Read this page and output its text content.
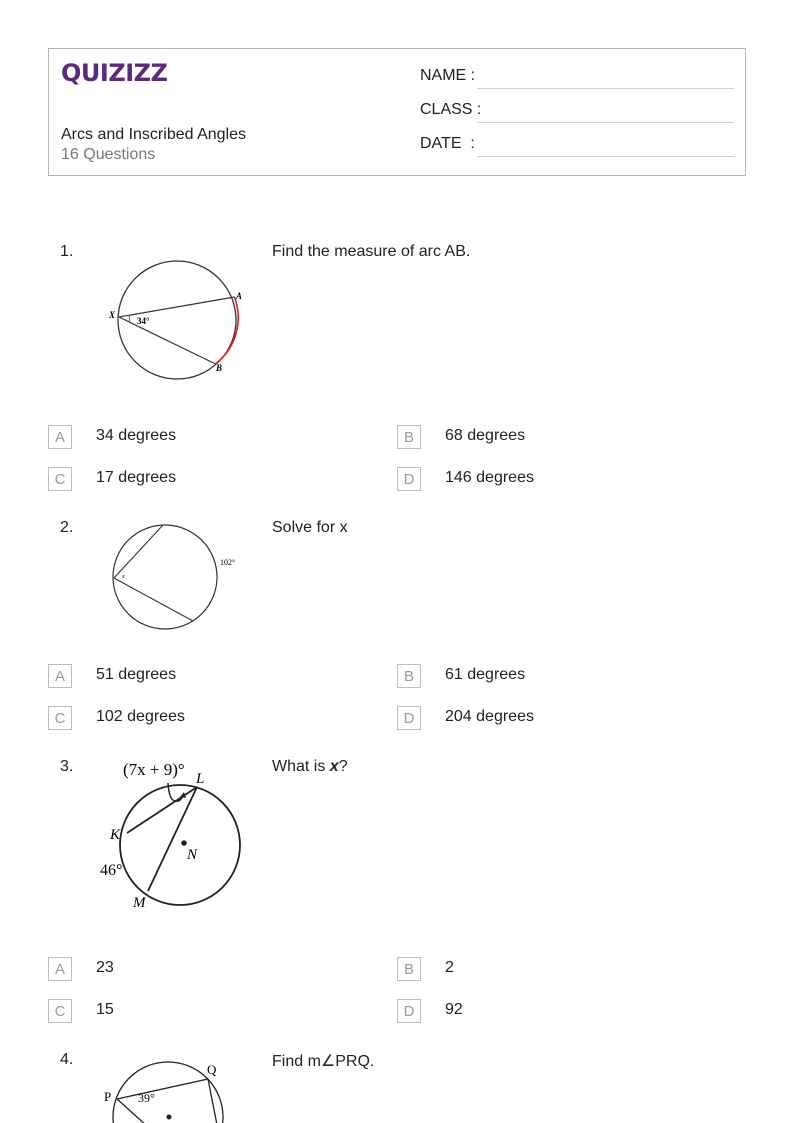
QUIZIZZ
Arcs and Inscribed Angles
16 Questions
NAME :
CLASS :
DATE  :
1.	Find the measure of arc AB.
X
A
B
34°
A	34 degrees	B	68 degrees
C	17 degrees	D	146 degrees
2.	Solve for x
x
102°
A	51 degrees	B	61 degrees
C	102 degrees	D	204 degrees
3.	What is x?
(7x + 9)° L
K
N
M
46°
A	23	B	2
C	15	D	92
4.	Find m∠PRQ.
P
Q
39°
